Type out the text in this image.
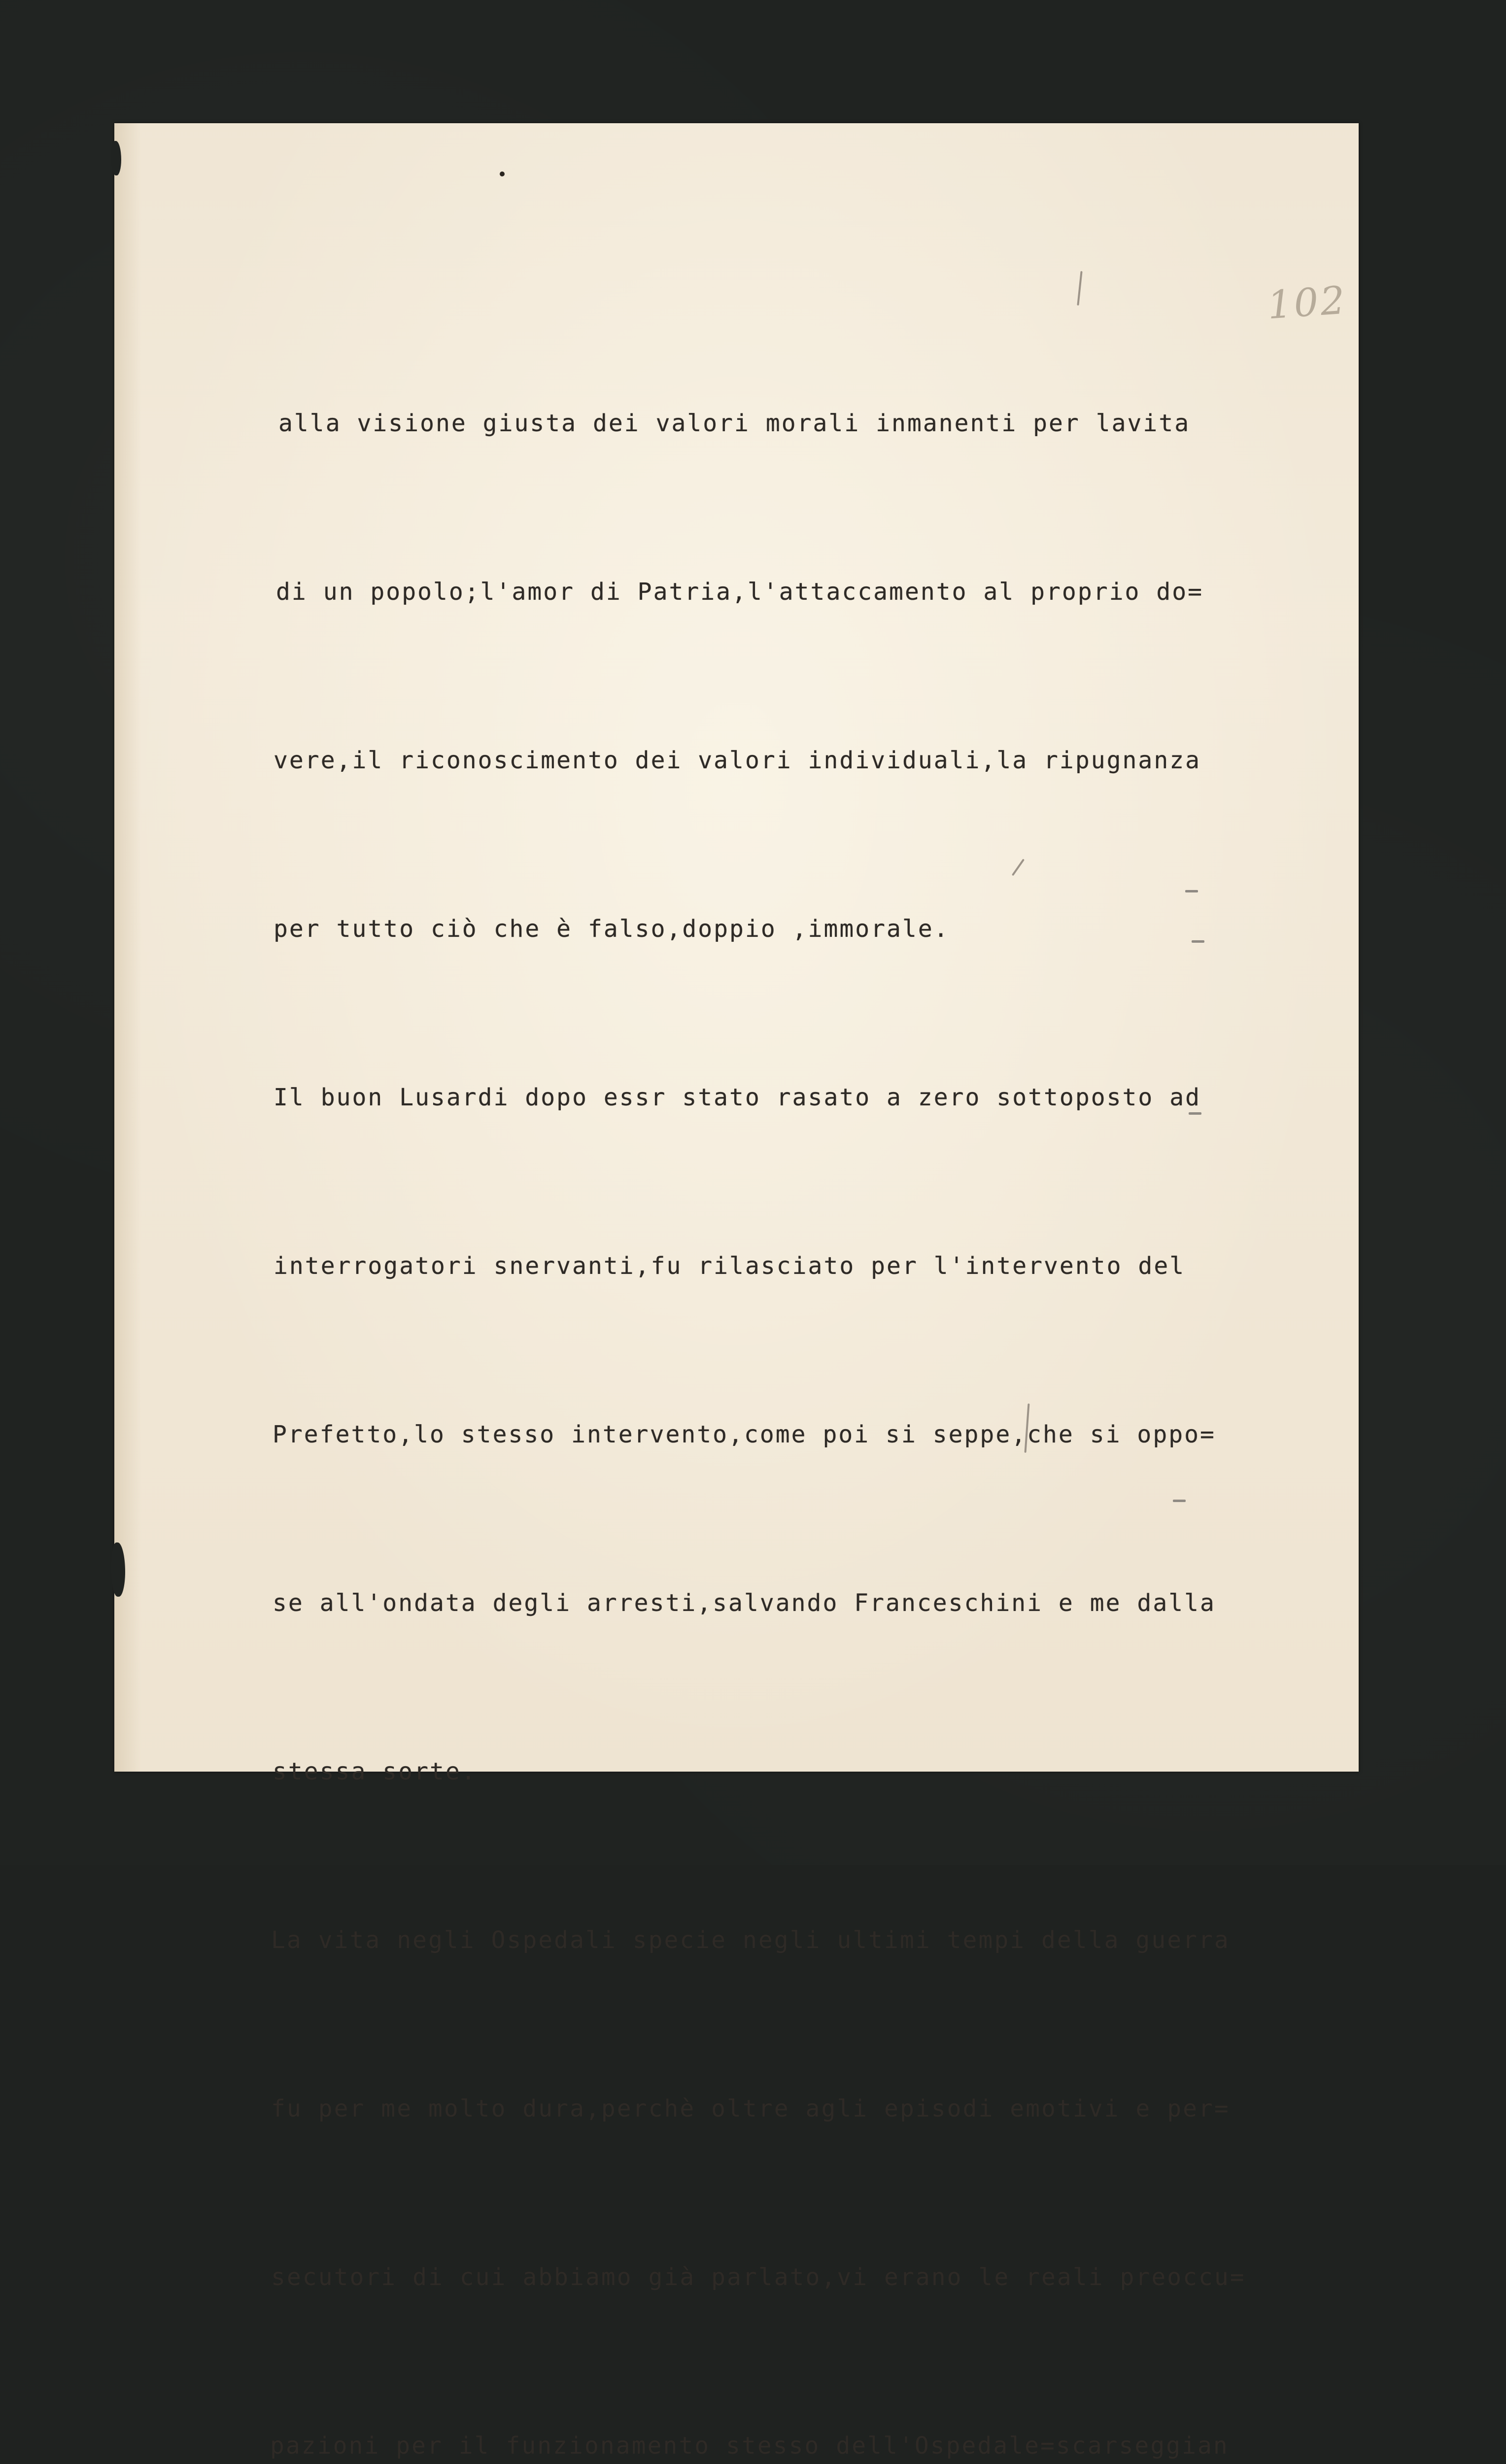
102

alla visione giusta dei valori morali inmanenti per lavita

di un popolo;l'amor di Patria,l'attaccamento al proprio do=

vere,il riconoscimento dei valori individuali,la ripugnanza

per tutto ciò che è falso,doppio ,immorale.

Il buon Lusardi dopo essr stato rasato a zero sottoposto ad

interrogatori snervanti,fu rilasciato per l'intervento del

Prefetto,lo stesso intervento,come poi si seppe,che si oppo=

se all'ondata degli arresti,salvando Franceschini e me dalla

stessa sorte.

La vita negli Ospedali specie negli ultimi tempi della guerra

fu per me molto dura,perchè oltre agli episodi emotivi e per=

secutori di cui abbiamo già parlato,vi erano le reali preoccu=

pazioni per il funzionamento stesso dell'Ospedale=scarseggian
